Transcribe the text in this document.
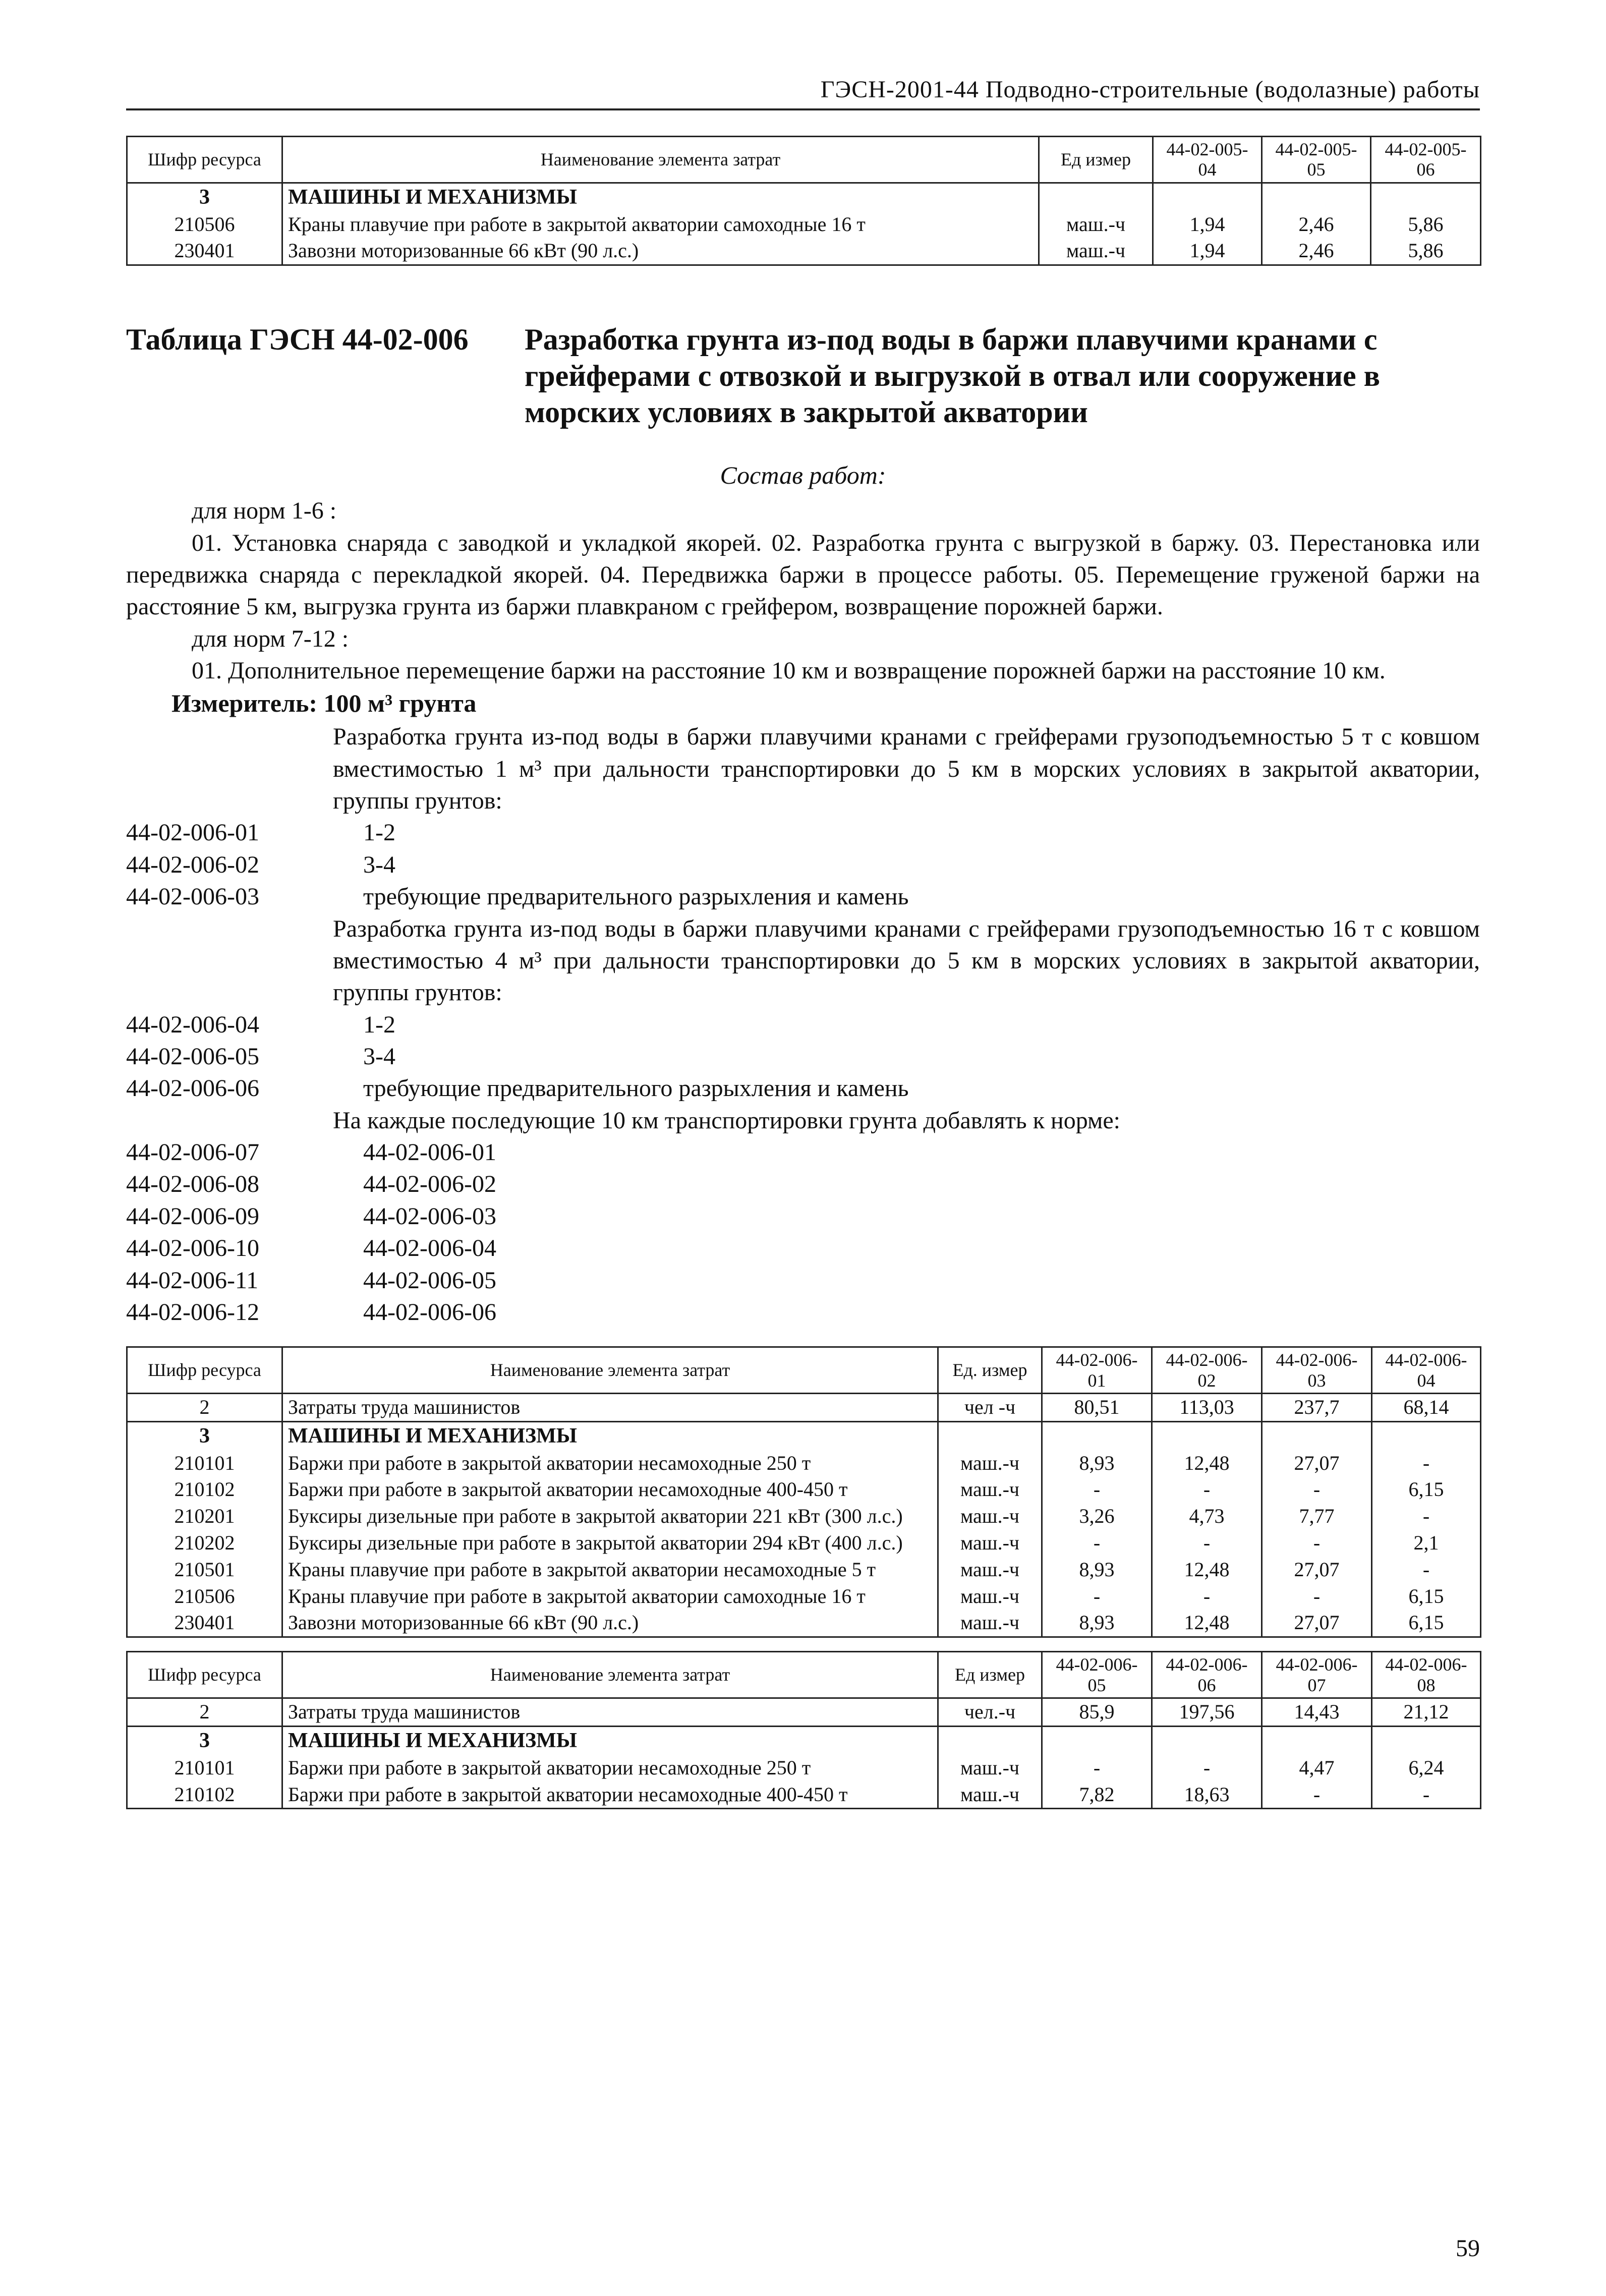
ГЭСН-2001-44 Подводно-строительные (водолазные) работы
Шифр ресурса	Наименование элемента затрат	Ед измер	44-02-005-04	44-02-005-05	44-02-005-06
3	МАШИНЫ И МЕХАНИЗМЫ				
210506	Краны плавучие при работе в закрытой акватории самоходные 16 т	маш.-ч	1,94	2,46	5,86
230401	Завозни моторизованные 66 кВт (90 л.с.)	маш.-ч	1,94	2,46	5,86
Таблица ГЭСН 44-02-006 Разработка грунта из-под воды в баржи плавучими кранами с грейферами с отвозкой и выгрузкой в отвал или сооружение в морских условиях в закрытой акватории
Состав работ:
для норм 1-6 :
01. Установка снаряда с заводкой и укладкой якорей. 02. Разработка грунта с выгрузкой в баржу. 03. Перестановка или передвижка снаряда с перекладкой якорей. 04. Передвижка баржи в процессе работы. 05. Перемещение груженой баржи на расстояние 5 км, выгрузка грунта из баржи плавкраном с грейфером, возвращение порожней баржи.
для норм 7-12 :
01. Дополнительное перемещение баржи на расстояние 10 км и возвращение порожней баржи на расстояние 10 км.
Измеритель: 100 м³ грунта
Разработка грунта из-под воды в баржи плавучими кранами с грейферами грузоподъемностью 5 т с ковшом вместимостью 1 м³ при дальности транспортировки до 5 км в морских условиях в закрытой акватории, группы грунтов:
44-02-006-01	1-2
44-02-006-02	3-4
44-02-006-03	требующие предварительного разрыхления и камень
Разработка грунта из-под воды в баржи плавучими кранами с грейферами грузоподъемностью 16 т с ковшом вместимостью 4 м³ при дальности транспортировки до 5 км в морских условиях в закрытой акватории, группы грунтов:
44-02-006-04	1-2
44-02-006-05	3-4
44-02-006-06	требующие предварительного разрыхления и камень
На каждые последующие 10 км транспортировки грунта добавлять к норме:
44-02-006-07	44-02-006-01
44-02-006-08	44-02-006-02
44-02-006-09	44-02-006-03
44-02-006-10	44-02-006-04
44-02-006-11	44-02-006-05
44-02-006-12	44-02-006-06
Шифр ресурса	Наименование элемента затрат	Ед. измер	44-02-006-01	44-02-006-02	44-02-006-03	44-02-006-04
2	Затраты труда машинистов	чел -ч	80,51	113,03	237,7	68,14
3	МАШИНЫ И МЕХАНИЗМЫ					
210101	Баржи при работе в закрытой акватории несамоходные 250 т	маш.-ч	8,93	12,48	27,07	-
210102	Баржи при работе в закрытой акватории несамоходные 400-450 т	маш.-ч	-	-	-	6,15
210201	Буксиры дизельные при работе в закрытой акватории 221 кВт (300 л.с.)	маш.-ч	3,26	4,73	7,77	-
210202	Буксиры дизельные при работе в закрытой акватории 294 кВт (400 л.с.)	маш.-ч	-	-	-	2,1
210501	Краны плавучие при работе в закрытой акватории несамоходные 5 т	маш.-ч	8,93	12,48	27,07	-
210506	Краны плавучие при работе в закрытой акватории самоходные 16 т	маш.-ч	-	-	-	6,15
230401	Завозни моторизованные 66 кВт (90 л.с.)	маш.-ч	8,93	12,48	27,07	6,15
Шифр ресурса	Наименование элемента затрат	Ед измер	44-02-006-05	44-02-006-06	44-02-006-07	44-02-006-08
2	Затраты труда машинистов	чел.-ч	85,9	197,56	14,43	21,12
3	МАШИНЫ И МЕХАНИЗМЫ					
210101	Баржи при работе в закрытой акватории несамоходные 250 т	маш.-ч	-	-	4,47	6,24
210102	Баржи при работе в закрытой акватории несамоходные 400-450 т	маш.-ч	7,82	18,63	-	-
59
